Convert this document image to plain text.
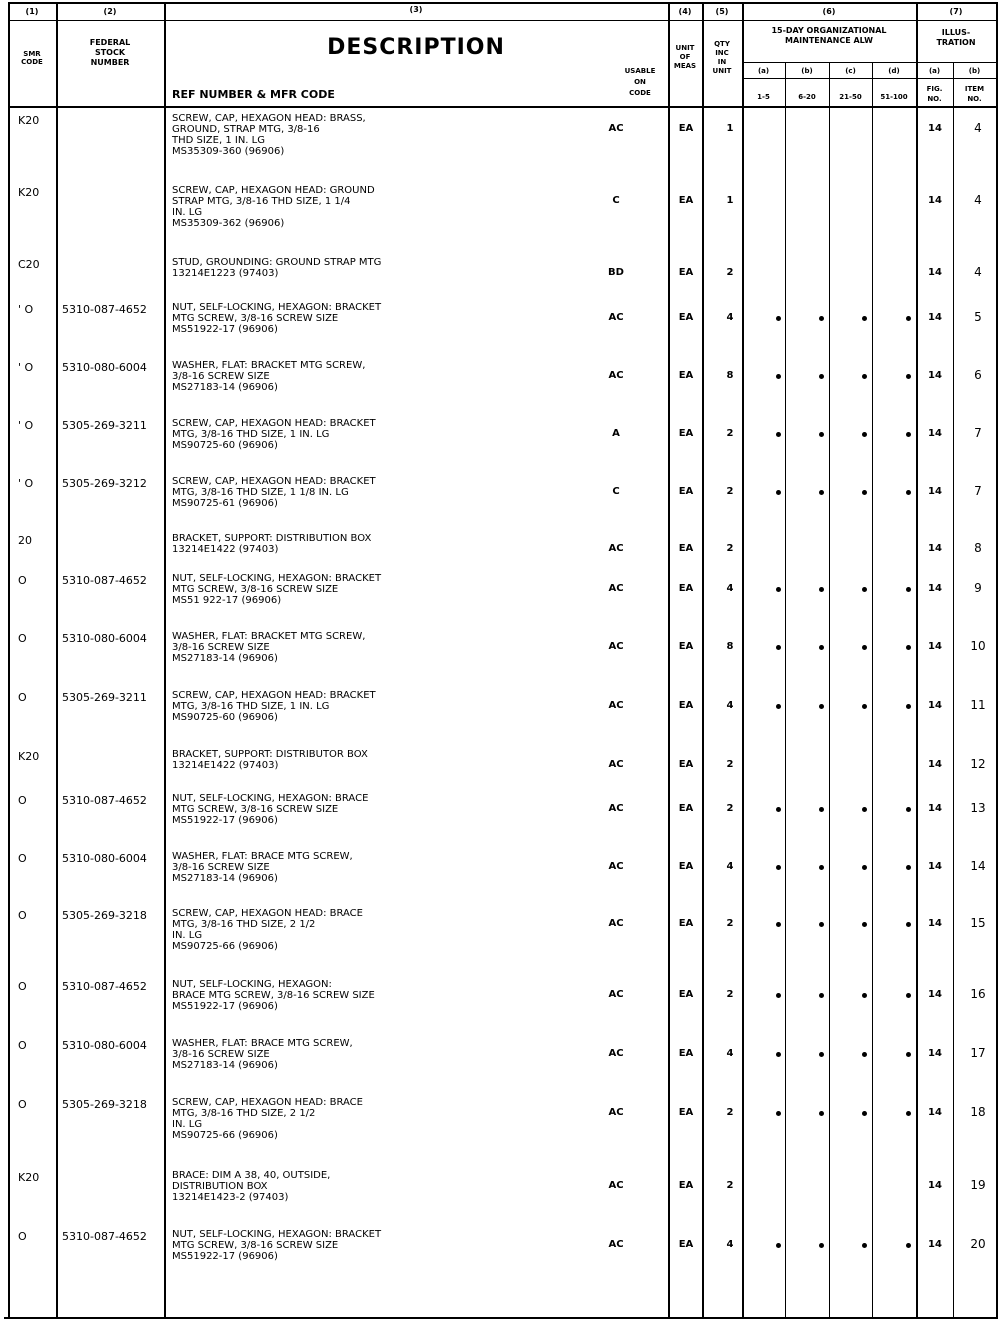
(1)	(2)	(3)	(4)	(5)	(6)	(7)
SMR
CODE
FEDERAL
STOCK
NUMBER
DESCRIPTION
REF NUMBER & MFR CODE
USABLE
ON
CODE
UNIT
OF
MEAS
QTY
INC
IN
UNIT
15-DAY ORGANIZATIONAL
MAINTENANCE ALW
ILLUS-
TRATION
(a)	(b)	(c)	(d)
1-5	6-20	21-50	51-100
(a)	(b)
FIG.
NO.
ITEM
NO.
K20	SCREW, CAP, HEXAGON HEAD: BRASS,
GROUND, STRAP MTG, 3/8-16
THD SIZE, 1 IN. LG
MS35309-360 (96906)
AC	EA	1	14	4
K20	SCREW, CAP, HEXAGON HEAD: GROUND
STRAP MTG, 3/8-16 THD SIZE, 1 1/4
IN. LG
MS35309-362 (96906)
C	EA	1	14	4
C20	STUD, GROUNDING: GROUND STRAP MTG
13214E1223 (97403)	BD	EA	2	14	4
' O	5310-087-4652	NUT, SELF-LOCKING, HEXAGON: BRACKET
MTG SCREW, 3/8-16 SCREW SIZE
MS51922-17 (96906)
AC	EA	4	14	5
' O	5310-080-6004	WASHER, FLAT: BRACKET MTG SCREW,
3/8-16 SCREW SIZE
MS27183-14 (96906)
AC	EA	8	14	6
' O	5305-269-3211	SCREW, CAP, HEXAGON HEAD: BRACKET
MTG, 3/8-16 THD SIZE, 1 IN. LG
MS90725-60 (96906)
A	EA	2	14	7
' O	5305-269-3212	SCREW, CAP, HEXAGON HEAD: BRACKET
MTG, 3/8-16 THD SIZE, 1 1/8 IN. LG
MS90725-61 (96906)
C	EA	2	14	7
20	BRACKET, SUPPORT: DISTRIBUTION BOX
13214E1422 (97403)	AC	EA	2	14	8
O	5310-087-4652	NUT, SELF-LOCKING, HEXAGON: BRACKET
MTG SCREW, 3/8-16 SCREW SIZE
MS51 922-17 (96906)
AC	EA	4	14	9
O	5310-080-6004	WASHER, FLAT: BRACKET MTG SCREW,
3/8-16 SCREW SIZE
MS27183-14 (96906)
AC	EA	8	14	10
O	5305-269-3211	SCREW, CAP, HEXAGON HEAD: BRACKET
MTG, 3/8-16 THD SIZE, 1 IN. LG
MS90725-60 (96906)
AC	EA	4	14	11
K20	BRACKET, SUPPORT: DISTRIBUTOR BOX
13214E1422 (97403)	AC	EA	2	14	12
O	5310-087-4652	NUT, SELF-LOCKING, HEXAGON: BRACE
MTG SCREW, 3/8-16 SCREW SIZE
MS51922-17 (96906)
AC	EA	2	14	13
O	5310-080-6004	WASHER, FLAT: BRACE MTG SCREW,
3/8-16 SCREW SIZE
MS27183-14 (96906)
AC	EA	4	14	14
O	5305-269-3218	SCREW, CAP, HEXAGON HEAD: BRACE
MTG, 3/8-16 THD SIZE, 2 1/2
IN. LG
MS90725-66 (96906)
AC	EA	2	14	15
O	5310-087-4652	NUT, SELF-LOCKING, HEXAGON:
BRACE MTG SCREW, 3/8-16 SCREW SIZE
MS51922-17 (96906)
AC	EA	2	14	16
O	5310-080-6004	WASHER, FLAT: BRACE MTG SCREW,
3/8-16 SCREW SIZE
MS27183-14 (96906)
AC	EA	4	14	17
O	5305-269-3218	SCREW, CAP, HEXAGON HEAD: BRACE
MTG, 3/8-16 THD SIZE, 2 1/2
IN. LG
MS90725-66 (96906)
AC	EA	2	14	18
K20	BRACE: DIM A 38, 40, OUTSIDE,
DISTRIBUTION BOX
13214E1423-2 (97403)
AC	EA	2	14	19
O	5310-087-4652	NUT, SELF-LOCKING, HEXAGON: BRACKET
MTG SCREW, 3/8-16 SCREW SIZE
MS51922-17 (96906)
AC	EA	4	14	20
